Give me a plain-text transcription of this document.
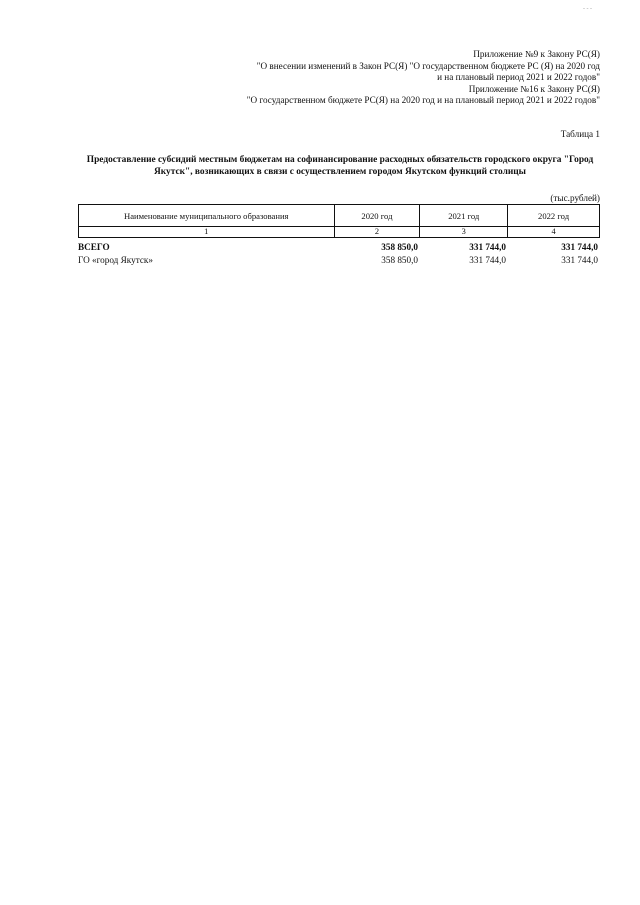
- - -
Приложение №9 к Закону РС(Я)
"О внесении изменений в Закон РС(Я) "О государственном бюджете РС (Я) на 2020 год
и на плановый период 2021 и 2022 годов"
Приложение №16 к Закону РС(Я)
"О государственном бюджете РС(Я) на 2020 год и на плановый период 2021 и 2022 годов"
Таблица 1
Предоставление субсидий местным бюджетам на софинансирование расходных обязательств городского округа "Город
Якутск", возникающих в связи с осуществлением городом Якутском функций столицы
(тыс.рублей)
Наименование муниципального образования	2020 год	2021 год	2022 год
1	2	3	4
ВСЕГО	358 850,0	331 744,0	331 744,0
ГО «город Якутск»	358 850,0	331 744,0	331 744,0
